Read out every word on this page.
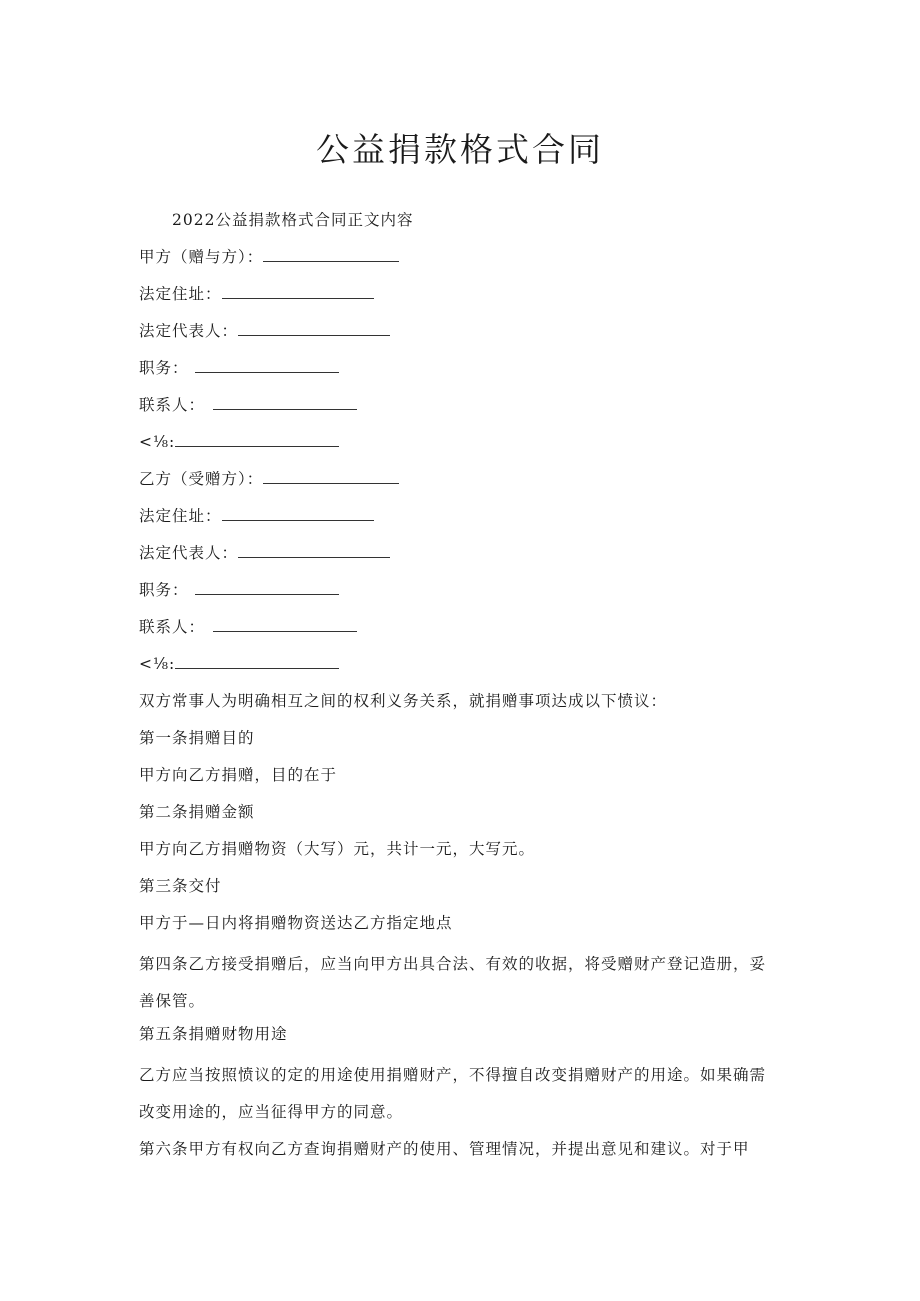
公益捐款格式合同
2022公益捐款格式合同正文内容
甲方（赠与方）：
法定住址：
法定代表人：
职务：
联系人：
<⅛:
乙方（受赠方）：
法定住址：
法定代表人：
职务：
联系人：
<⅛:
双方常事人为明确相互之间的权利义务关系，就捐赠事项达成以下愤议：
第一条捐赠目的
甲方向乙方捐赠，目的在于
第二条捐赠金额
甲方向乙方捐赠物资（大写）元，共计一元，大写元。
第三条交付
甲方于—日内将捐赠物资送达乙方指定地点
第四条乙方接受捐赠后，应当向甲方出具合法、有效的收据，将受赠财产登记造册，妥善保管。
第五条捐赠财物用途
乙方应当按照愤议的定的用途使用捐赠财产，不得擅自改变捐赠财产的用途。如果确需改变用途的，应当征得甲方的同意。
第六条甲方有权向乙方查询捐赠财产的使用、管理情况，并提出意见和建议。对于甲
